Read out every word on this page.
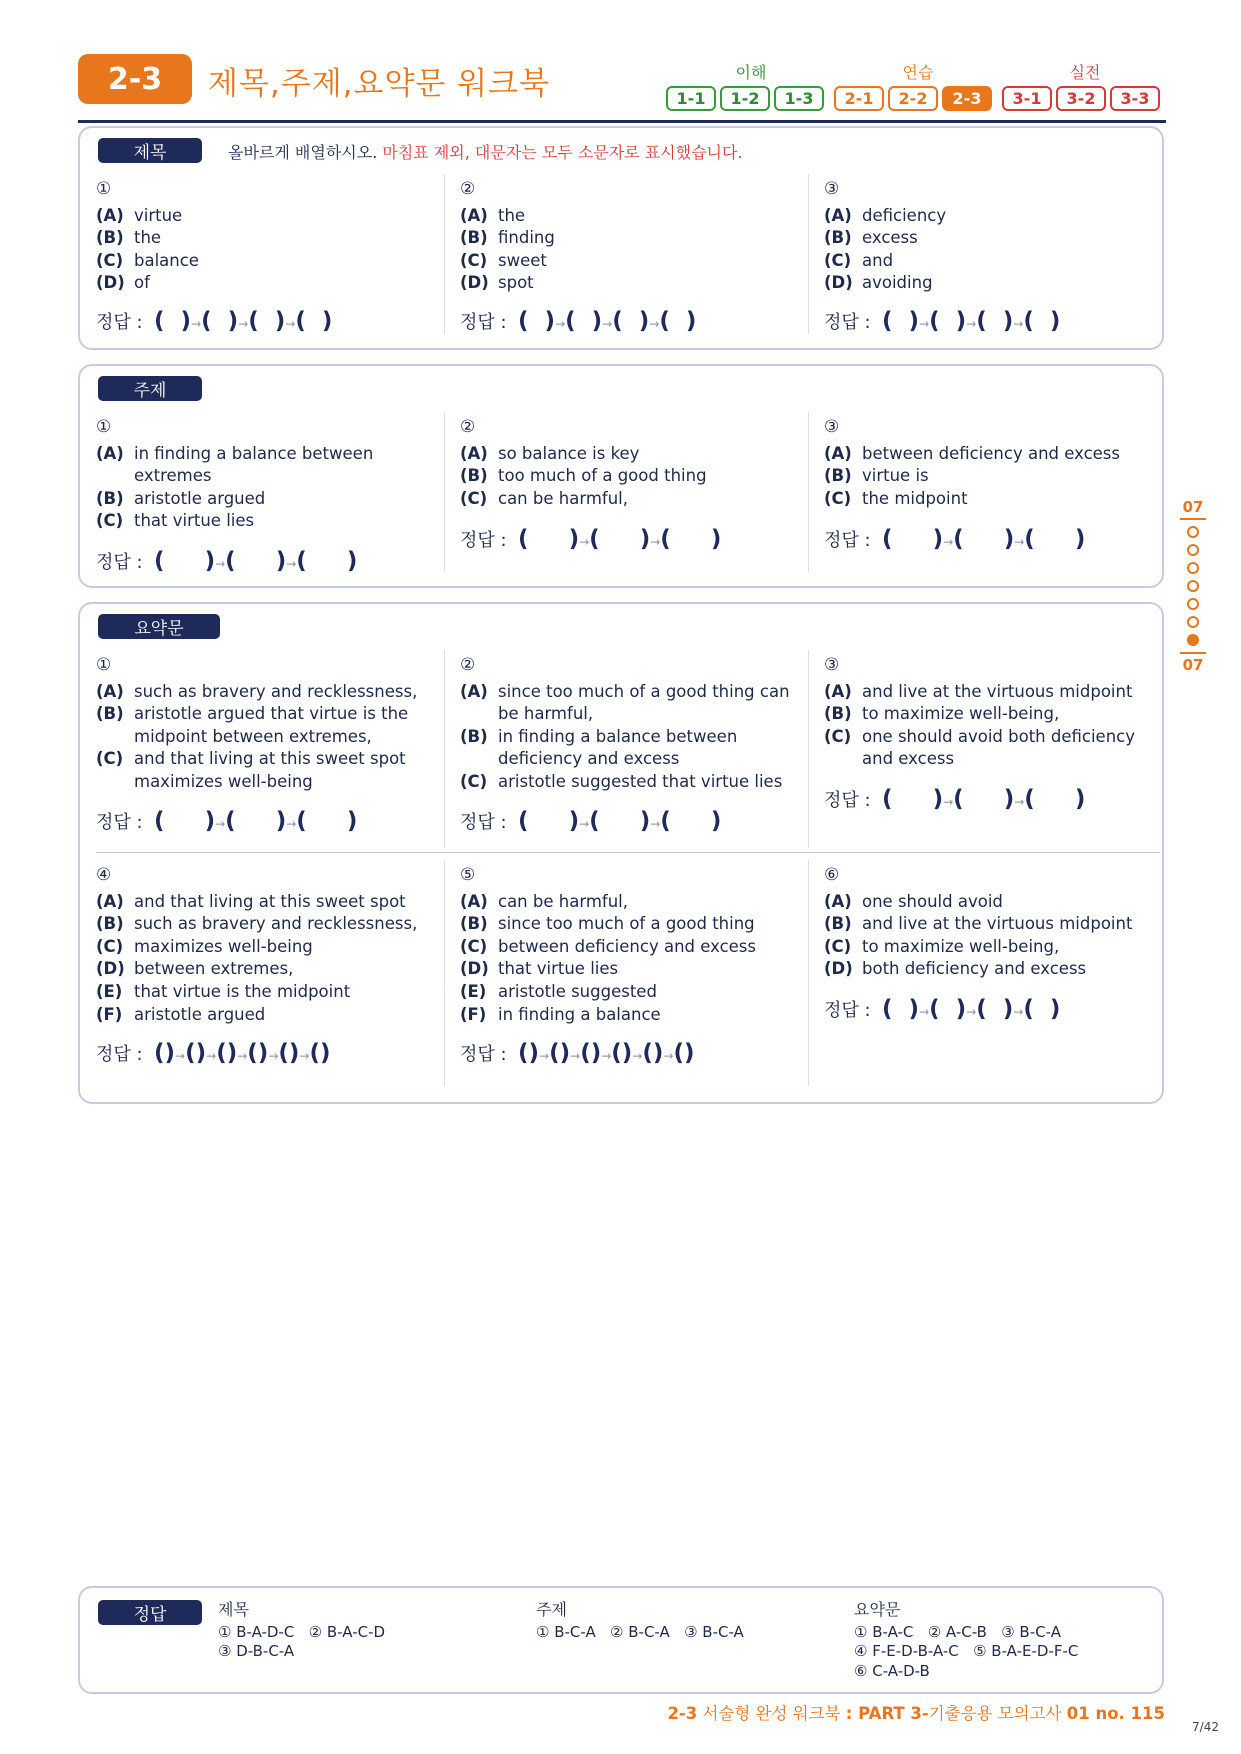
2-3	제목,주제,요약문 워크북	이해	연습	실전
1-1	1-2	1-3	2-1	2-2	2-3	3-1	3-2	3-3
제목	올바르게 배열하시오. 마침표 제외, 대문자는 모두 소문자로 표시했습니다.
①
(A) virtue
(B) the
(C) balance
(D) of
정답 : (  )→(  )→(  )→(  )
②
(A) the
(B) finding
(C) sweet
(D) spot
정답 : (  )→(  )→(  )→(  )
③
(A) deficiency
(B) excess
(C) and
(D) avoiding
정답 : (  )→(  )→(  )→(  )
주제
①
(A) in finding a balance between extremes
(B) aristotle argued
(C) that virtue lies
정답 : (     )→(     )→(     )
②
(A) so balance is key
(B) too much of a good thing
(C) can be harmful,
정답 : (     )→(     )→(     )
③
(A) between deficiency and excess
(B) virtue is
(C) the midpoint
정답 : (     )→(     )→(     )
요약문
①
(A) such as bravery and recklessness,
(B) aristotle argued that virtue is the midpoint between extremes,
(C) and that living at this sweet spot maximizes well-being
정답 : (     )→(     )→(     )
②
(A) since too much of a good thing can be harmful,
(B) in finding a balance between deficiency and excess
(C) aristotle suggested that virtue lies
정답 : (     )→(     )→(     )
③
(A) and live at the virtuous midpoint
(B) to maximize well-being,
(C) one should avoid both deficiency and excess
정답 : (     )→(     )→(     )
④
(A) and that living at this sweet spot
(B) such as bravery and recklessness,
(C) maximizes well-being
(D) between extremes,
(E) that virtue is the midpoint
(F) aristotle argued
정답 : ()→()→()→()→()→()
⑤
(A) can be harmful,
(B) since too much of a good thing
(C) between deficiency and excess
(D) that virtue lies
(E) aristotle suggested
(F) in finding a balance
정답 : ()→()→()→()→()→()
⑥
(A) one should avoid
(B) and live at the virtuous midpoint
(C) to maximize well-being,
(D) both deficiency and excess
정답 : (  )→(  )→(  )→(  )
07
07
정답	제목
① B-A-D-C   ② B-A-C-D
③ D-B-C-A
주제
① B-C-A   ② B-C-A   ③ B-C-A
요약문
① B-A-C   ② A-C-B   ③ B-C-A
④ F-E-D-B-A-C   ⑤ B-A-E-D-F-C
⑥ C-A-D-B
2-3 서술형 완성 워크북 : PART 3-기출응용 모의고사 01 no. 115
7/42
